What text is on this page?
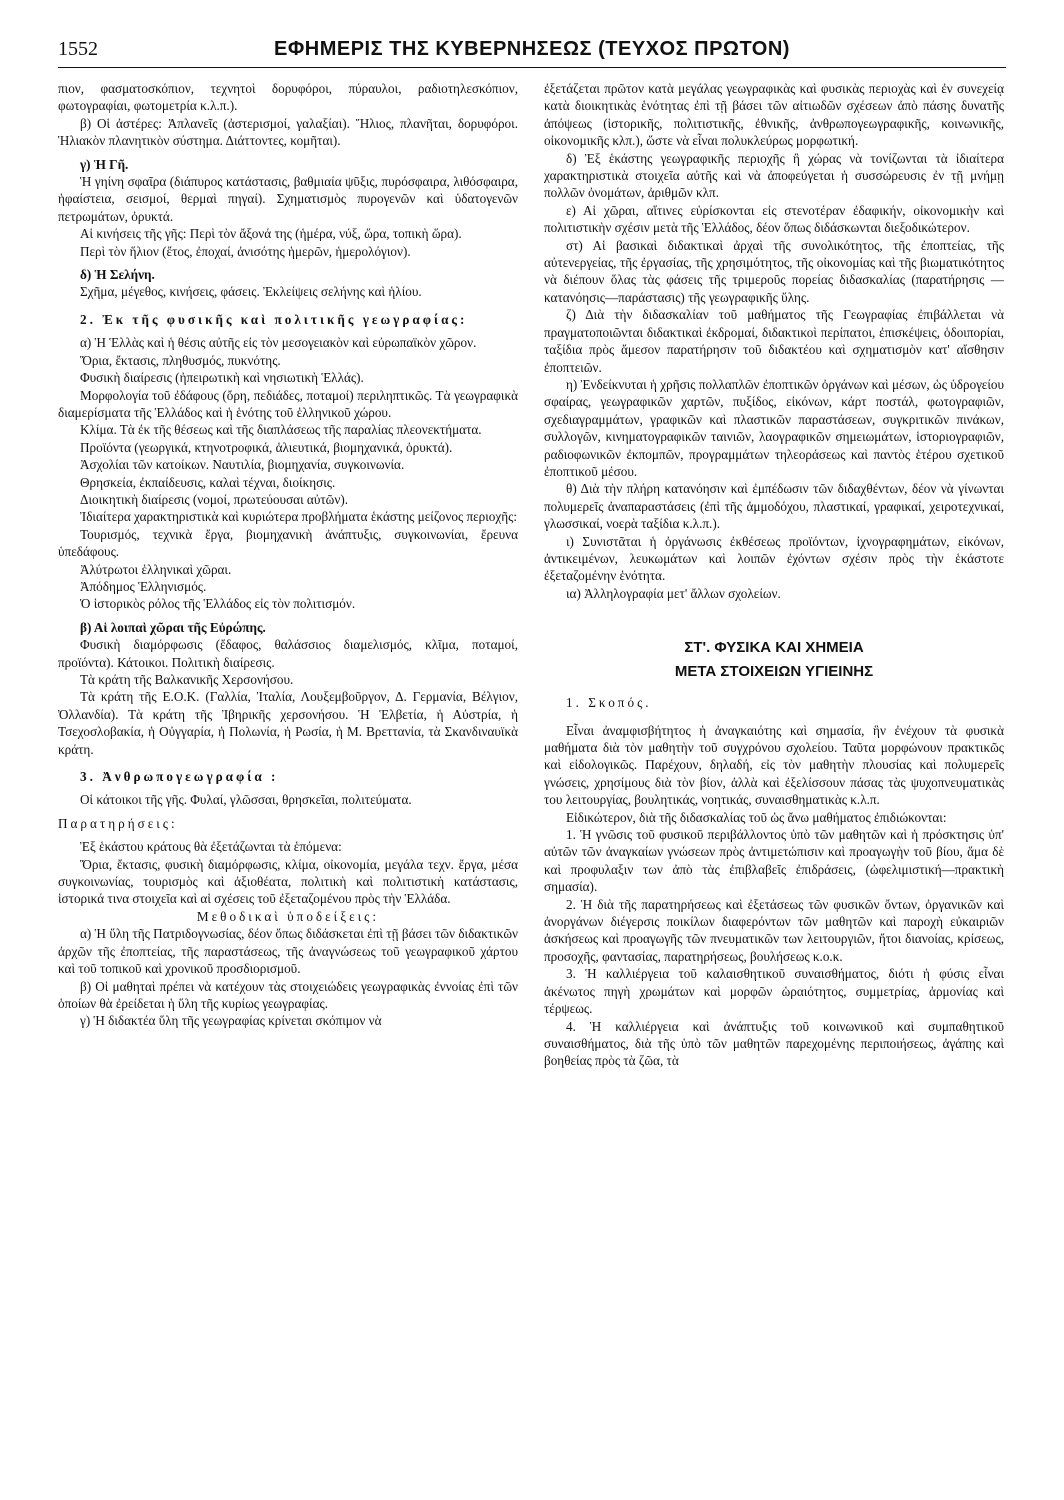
1552	ΕΦΗΜΕΡΙΣ ΤΗΣ ΚΥΒΕΡΝΗΣΕΩΣ (ΤΕΥΧΟΣ ΠΡΩΤΟΝ)

πιον, φασματοσκόπιον, τεχνητοὶ δορυφόροι, πύραυλοι, ραδιοτηλεσκόπιον, φωτογραφίαι, φωτομετρία κ.λ.π.).

β) Οἱ ἀστέρες: Ἀπλανεῖς (ἀστερισμοί, γαλαξίαι). Ἥλιος, πλανῆται, δορυφόροι. Ἡλιακὸν πλανητικὸν σύστημα. Διάττοντες, κομῆται).

γ) Ἡ Γῆ.

Ἡ γηίνη σφαῖρα (διάπυρος κατάστασις, βαθμιαία ψῦξις, πυρόσφαιρα, λιθόσφαιρα, ἡφαίστεια, σεισμοί, θερμαὶ πηγαί). Σχηματισμὸς πυρογενῶν καὶ ὑδατογενῶν πετρωμάτων, ὀρυκτά.

Αἱ κινήσεις τῆς γῆς: Περὶ τὸν ἄξονά της (ἡμέρα, νύξ, ὥρα, τοπικὴ ὥρα).

Περὶ τὸν ἥλιον (ἔτος, ἐποχαί, ἀνισότης ἡμερῶν, ἡμερολόγιον).

δ) Ἡ Σελήνη.

Σχῆμα, μέγεθος, κινήσεις, φάσεις. Ἐκλείψεις σελήνης καὶ ἡλίου.

2. Ἐκ τῆς φυσικῆς καὶ πολιτικῆς γεωγραφίας:

α) Ἡ Ἑλλὰς καὶ ἡ θέσις αὐτῆς εἰς τὸν μεσογειακὸν καὶ εὐρωπαϊκὸν χῶρον.

Ὅρια, ἔκτασις, πληθυσμός, πυκνότης.

Φυσικὴ διαίρεσις (ἠπειρωτικὴ καὶ νησιωτικὴ Ἑλλάς).

Μορφολογία τοῦ ἐδάφους (ὄρη, πεδιάδες, ποταμοί) περιληπτικῶς. Τὰ γεωγραφικὰ διαμερίσματα τῆς Ἑλλάδος καὶ ἡ ἑνότης τοῦ ἑλληνικοῦ χώρου.

Κλίμα. Τὰ ἐκ τῆς θέσεως καὶ τῆς διαπλάσεως τῆς παραλίας πλεονεκτήματα.

Προϊόντα (γεωργικά, κτηνοτροφικά, ἁλιευτικά, βιομηχανικά, ὀρυκτά).

Ἀσχολίαι τῶν κατοίκων. Ναυτιλία, βιομηχανία, συγκοινωνία.

Θρησκεία, ἐκπαίδευσις, καλαὶ τέχναι, διοίκησις.

Διοικητικὴ διαίρεσις (νομοί, πρωτεύουσαι αὐτῶν).

Ἰδιαίτερα χαρακτηριστικὰ καὶ κυριώτερα προβλήματα ἑκάστης μείζονος περιοχῆς:

Τουρισμός, τεχνικὰ ἔργα, βιομηχανικὴ ἀνάπτυξις, συγκοινωνίαι, ἔρευνα ὑπεδάφους.

Ἀλύτρωτοι ἑλληνικαὶ χῶραι.

Ἀπόδημος Ἑλληνισμός.

Ὁ ἱστορικὸς ρόλος τῆς Ἑλλάδος εἰς τὸν πολιτισμόν.

β) Αἱ λοιπαὶ χῶραι τῆς Εὐρώπης.

Φυσικὴ διαμόρφωσις (ἔδαφος, θαλάσσιος διαμελισμός, κλῖμα, ποταμοί, προϊόντα). Κάτοικοι. Πολιτικὴ διαίρεσις.

Τὰ κράτη τῆς Βαλκανικῆς Χερσονήσου.

Τὰ κράτη τῆς Ε.Ο.Κ. (Γαλλία, Ἰταλία, Λουξεμβοῦργον, Δ. Γερμανία, Βέλγιον, Ὀλλανδία). Τὰ κράτη τῆς Ἰβηρικῆς χερσονήσου. Ἡ Ἑλβετία, ἡ Αὐστρία, ἡ Τσεχοσλοβακία, ἡ Οὐγγαρία, ἡ Πολωνία, ἡ Ρωσία, ἡ Μ. Βρεττανία, τὰ Σκανδιναυϊκὰ κράτη.

3. Ἀνθρωπογεωγραφία :

Οἱ κάτοικοι τῆς γῆς. Φυλαί, γλῶσσαι, θρησκεῖαι, πολιτεύματα.

Παρατηρήσεις:

Ἐξ ἑκάστου κράτους θὰ ἐξετάζωνται τὰ ἑπόμενα:

Ὅρια, ἔκτασις, φυσικὴ διαμόρφωσις, κλίμα, οἰκονομία, μεγάλα τεχν. ἔργα, μέσα συγκοινωνίας, τουρισμὸς καὶ ἀξιοθέατα, πολιτικὴ καὶ πολιτιστικὴ κατάστασις, ἱστορικά τινα στοιχεῖα καὶ αἱ σχέσεις τοῦ ἐξεταζομένου πρὸς τὴν Ἑλλάδα.

Μεθοδικαὶ ὑποδείξεις:

α) Ἡ ὕλη τῆς Πατριδογνωσίας, δέον ὅπως διδάσκεται ἐπὶ τῇ βάσει τῶν διδακτικῶν ἀρχῶν τῆς ἐποπτείας, τῆς παραστάσεως, τῆς ἀναγνώσεως τοῦ γεωγραφικοῦ χάρτου καὶ τοῦ τοπικοῦ καὶ χρονικοῦ προσδιορισμοῦ.

β) Οἱ μαθηταὶ πρέπει νὰ κατέχουν τὰς στοιχειώδεις γεωγραφικὰς ἐννοίας ἐπὶ τῶν ὁποίων θὰ ἐρείδεται ἡ ὕλη τῆς κυρίως γεωγραφίας.

γ) Ἡ διδακτέα ὕλη τῆς γεωγραφίας κρίνεται σκόπιμον νὰ

ἐξετάζεται πρῶτον κατὰ μεγάλας γεωγραφικὰς καὶ φυσικὰς περιοχὰς καὶ ἐν συνεχείᾳ κατὰ διοικητικὰς ἑνότητας ἐπὶ τῇ βάσει τῶν αἰτιωδῶν σχέσεων ἀπὸ πάσης δυνατῆς ἀπόψεως (ἱστορικῆς, πολιτιστικῆς, ἐθνικῆς, ἀνθρωπογεωγραφικῆς, κοινωνικῆς, οἰκονομικῆς κλπ.), ὥστε νὰ εἶναι πολυκλεύρως μορφωτική.

δ) Ἐξ ἑκάστης γεωγραφικῆς περιοχῆς ἢ χώρας νὰ τονίζωνται τὰ ἰδιαίτερα χαρακτηριστικὰ στοιχεῖα αὐτῆς καὶ νὰ ἀποφεύγεται ἡ συσσώρευσις ἐν τῇ μνήμῃ πολλῶν ὀνομάτων, ἀριθμῶν κλπ.

ε) Αἱ χῶραι, αἵτινες εὑρίσκονται εἰς στενοτέραν ἐδαφικήν, οἰκονομικὴν καὶ πολιτιστικὴν σχέσιν μετὰ τῆς Ἑλλάδος, δέον ὅπως διδάσκωνται διεξοδικώτερον.

στ) Αἱ βασικαὶ διδακτικαὶ ἀρχαὶ τῆς συνολικότητος, τῆς ἐποπτείας, τῆς αὐτενεργείας, τῆς ἐργασίας, τῆς χρησιμότητος, τῆς οἰκονομίας καὶ τῆς βιωματικότητος νὰ διέπουν ὅλας τὰς φάσεις τῆς τριμεροῦς πορείας διδασκαλίας (παρατήρησις —κατανόησις—παράστασις) τῆς γεωγραφικῆς ὕλης.

ζ) Διὰ τὴν διδασκαλίαν τοῦ μαθήματος τῆς Γεωγραφίας ἐπιβάλλεται νὰ πραγματοποιῶνται διδακτικαὶ ἐκδρομαί, διδακτικοὶ περίπατοι, ἐπισκέψεις, ὁδοιπορίαι, ταξίδια πρὸς ἄμεσον παρατήρησιν τοῦ διδακτέου καὶ σχηματισμὸν κατ' αἴσθησιν ἐποπτειῶν.

η) Ἐνδείκνυται ἡ χρῆσις πολλαπλῶν ἐποπτικῶν ὀργάνων καὶ μέσων, ὡς ὑδρογείου σφαίρας, γεωγραφικῶν χαρτῶν, πυξίδος, εἰκόνων, κάρτ ποστάλ, φωτογραφιῶν, σχεδιαγραμμάτων, γραφικῶν καὶ πλαστικῶν παραστάσεων, συγκριτικῶν πινάκων, συλλογῶν, κινηματογραφικῶν ταινιῶν, λαογραφικῶν σημειωμάτων, ἱστοριογραφιῶν, ραδιοφωνικῶν ἐκπομπῶν, προγραμμάτων τηλεοράσεως καὶ παντὸς ἑτέρου σχετικοῦ ἐποπτικοῦ μέσου.

θ) Διὰ τὴν πλήρη κατανόησιν καὶ ἐμπέδωσιν τῶν διδαχθέντων, δέον νὰ γίνωνται πολυμερεῖς ἀναπαραστάσεις (ἐπὶ τῆς ἀμμοδόχου, πλαστικαί, γραφικαί, χειροτεχνικαί, γλωσσικαί, νοερὰ ταξίδια κ.λ.π.).

ι) Συνιστᾶται ἡ ὀργάνωσις ἐκθέσεως προϊόντων, ἰχνογραφημάτων, εἰκόνων, ἀντικειμένων, λευκωμάτων καὶ λοιπῶν ἐχόντων σχέσιν πρὸς τὴν ἑκάστοτε ἐξεταζομένην ἑνότητα.

ια) Ἀλληλογραφία μετ' ἄλλων σχολείων.

ΣΤ'. ΦΥΣΙΚΑ ΚΑΙ ΧΗΜΕΙΑ

ΜΕΤΑ ΣΤΟΙΧΕΙΩΝ ΥΓΙΕΙΝΗΣ

1. Σκοπός.

Εἶναι ἀναμφισβήτητος ἡ ἀναγκαιότης καὶ σημασία, ἣν ἐνέχουν τὰ φυσικὰ μαθήματα διὰ τὸν μαθητὴν τοῦ συγχρόνου σχολείου. Ταῦτα μορφώνουν πρακτικῶς καὶ εἰδολογικῶς. Παρέχουν, δηλαδή, εἰς τὸν μαθητὴν πλουσίας καὶ πολυμερεῖς γνώσεις, χρησίμους διὰ τὸν βίον, ἀλλὰ καὶ ἐξελίσσουν πάσας τὰς ψυχοπνευματικὰς του λειτουργίας, βουλητικάς, νοητικάς, συναισθηματικὰς κ.λ.π.

Εἰδικώτερον, διὰ τῆς διδασκαλίας τοῦ ὡς ἄνω μαθήματος ἐπιδιώκονται:

1. Ἡ γνῶσις τοῦ φυσικοῦ περιβάλλοντος ὑπὸ τῶν μαθητῶν καὶ ἡ πρόσκτησις ὑπ' αὐτῶν τῶν ἀναγκαίων γνώσεων πρὸς ἀντιμετώπισιν καὶ προαγωγὴν τοῦ βίου, ἅμα δὲ καὶ προφυλαξιν των ἀπὸ τὰς ἐπιβλαβεῖς ἐπιδράσεις, (ὠφελιμιστική—πρακτικὴ σημασία).

2. Ἡ διὰ τῆς παρατηρήσεως καὶ ἐξετάσεως τῶν φυσικῶν ὄντων, ὀργανικῶν καὶ ἀνοργάνων διέγερσις ποικίλων διαφερόντων τῶν μαθητῶν καὶ παροχὴ εὐκαιριῶν ἀσκήσεως καὶ προαγωγῆς τῶν πνευματικῶν των λειτουργιῶν, ἤτοι διανοίας, κρίσεως, προσοχῆς, φαντασίας, παρατηρήσεως, βουλήσεως κ.ο.κ.

3. Ἡ καλλιέργεια τοῦ καλαισθητικοῦ συναισθήματος, διότι ἡ φύσις εἶναι ἀκένωτος πηγὴ χρωμάτων καὶ μορφῶν ὡραιότητος, συμμετρίας, ἁρμονίας καὶ τέρψεως.

4. Ἡ καλλιέργεια καὶ ἀνάπτυξις τοῦ κοινωνικοῦ καὶ συμπαθητικοῦ συναισθήματος, διὰ τῆς ὑπὸ τῶν μαθητῶν παρεχομένης περιποιήσεως, ἀγάπης καὶ βοηθείας πρὸς τὰ ζῶα, τὰ
